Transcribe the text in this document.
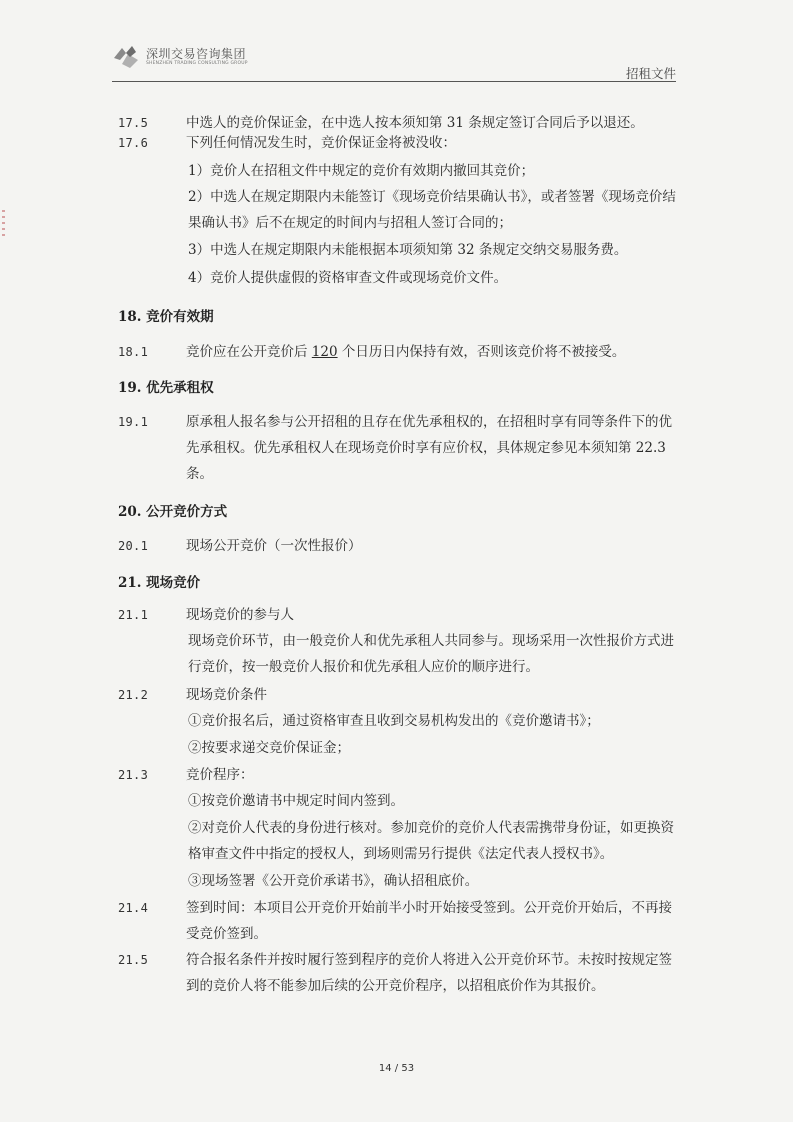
深圳交易咨询集团
SHENZHEN TRADING CONSULTING GROUP
招租文件
17.5	中选人的竞价保证金，在中选人按本须知第 31 条规定签订合同后予以退还。
17.6	下列任何情况发生时，竞价保证金将被没收：
1）竞价人在招租文件中规定的竞价有效期内撤回其竞价；
2）中选人在规定期限内未能签订《现场竞价结果确认书》，或者签署《现场竞价结果确认书》后不在规定的时间内与招租人签订合同的；
3）中选人在规定期限内未能根据本项须知第 32 条规定交纳交易服务费。
4）竞价人提供虚假的资格审查文件或现场竞价文件。
18. 竞价有效期
18.1	竞价应在公开竞价后 120 个日历日内保持有效，否则该竞价将不被接受。
19. 优先承租权
19.1	原承租人报名参与公开招租的且存在优先承租权的，在招租时享有同等条件下的优先承租权。优先承租权人在现场竞价时享有应价权，具体规定参见本须知第 22.3 条。
20. 公开竞价方式
20.1	现场公开竞价（一次性报价）
21. 现场竞价
21.1	现场竞价的参与人
现场竞价环节，由一般竞价人和优先承租人共同参与。现场采用一次性报价方式进行竞价，按一般竞价人报价和优先承租人应价的顺序进行。
21.2	现场竞价条件
①竞价报名后，通过资格审查且收到交易机构发出的《竞价邀请书》；
②按要求递交竞价保证金；
21.3	竞价程序：
①按竞价邀请书中规定时间内签到。
②对竞价人代表的身份进行核对。参加竞价的竞价人代表需携带身份证，如更换资格审查文件中指定的授权人，到场则需另行提供《法定代表人授权书》。
③现场签署《公开竞价承诺书》，确认招租底价。
21.4	签到时间：本项目公开竞价开始前半小时开始接受签到。公开竞价开始后，不再接受竞价签到。
21.5	符合报名条件并按时履行签到程序的竞价人将进入公开竞价环节。未按时按规定签到的竞价人将不能参加后续的公开竞价程序，以招租底价作为其报价。
14 / 53
